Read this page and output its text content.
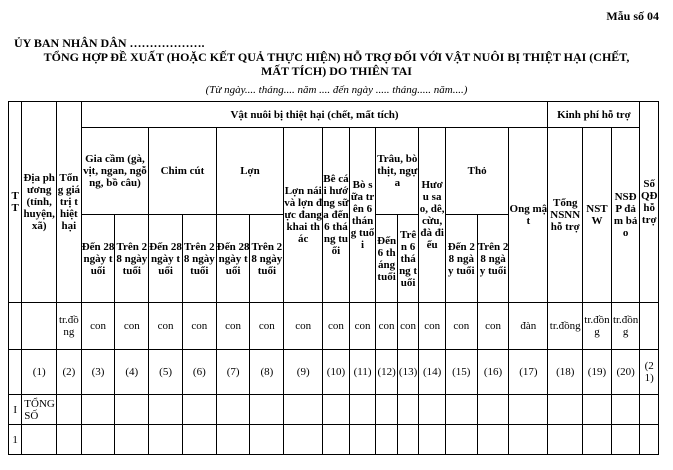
Mẫu số 04
ỦY BAN NHÂN DÂN ……………….
TỔNG HỢP ĐỀ XUẤT (HOẶC KẾT QUẢ THỰC HIỆN) HỖ TRỢ ĐỐI VỚI VẬT NUÔI BỊ THIỆT HẠI (CHẾT,
MẤT TÍCH) DO THIÊN TAI
(Từ ngày.... tháng.... năm .... đến ngày ..... tháng..... năm....)
TT	Địa phương (tỉnh, huyện, xã)	Tổng giá trị thiệt hại	Vật nuôi bị thiệt hại (chết, mất tích)															Kinh phí hỗ trợ			Số QĐ hỗ trợ
			Gia cầm (gà, vịt, ngan, ngỗng, bồ câu)		Chim cút		Lợn		Lợn nái và lợn đực đang khai thác	Bê cái hướng sữa đến 6 tháng tuổi	Bò sữa trên 6 tháng tuổi	Trâu, bò thịt, ngựa		Hươu sao, dê, cừu, đà điểu	Thỏ		Ong mật	Tổng NSNN hỗ trợ	NSTW	NSĐP đảm bảo	
			Đến 28 ngày tuổi	Trên 28 ngày tuổi	Đến 28 ngày tuổi	Trên 28 ngày tuổi	Đến 28 ngày tuổi	Trên 28 ngày tuổi				Đến 6 tháng tuổi	Trên 6 tháng tuổi		Đến 28 ngày tuổi	Trên 28 ngày tuổi					
		tr.đồng	con	con	con	con	con	con	con	con	con	con	con	con	con	con	đàn	tr.đồng	tr.đồng	tr.đồng	
	(1)	(2)	(3)	(4)	(5)	(6)	(7)	(8)	(9)	(10)	(11)	(12)	(13)	(14)	(15)	(16)	(17)	(18)	(19)	(20)	(21)
I	TỔNG SỐ																				
1																					
